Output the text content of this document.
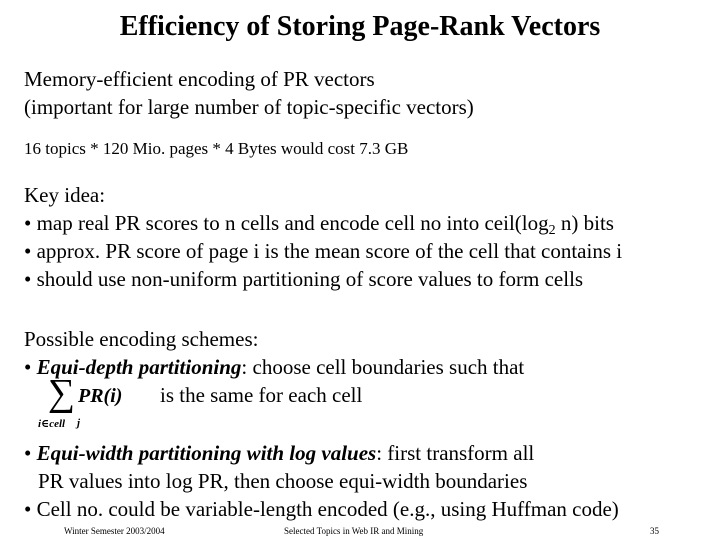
Efficiency of Storing Page-Rank Vectors
Memory-efficient encoding of PR vectors
(important for large number of topic-specific vectors)
16 topics * 120 Mio. pages * 4 Bytes would cost 7.3 GB
Key idea:
• map real PR scores to n cells and encode cell no into $ceil(\log_2$ n) bits
• approx. PR score of page i is the mean score of the cell that contains i
• should use non-uniform partitioning of score values to form cells
Possible encoding schemes:
• Equi-depth partitioning: choose cell boundaries such that
∑ PR(i)
i∈cell j
is the same for each cell
• Equi-width partitioning with log values: first transform all
PR values into log PR, then choose equi-width boundaries
• Cell no. could be variable-length encoded (e.g., using Huffman code)
Winter Semester 2003/2004	Selected Topics in Web IR and Mining	35
